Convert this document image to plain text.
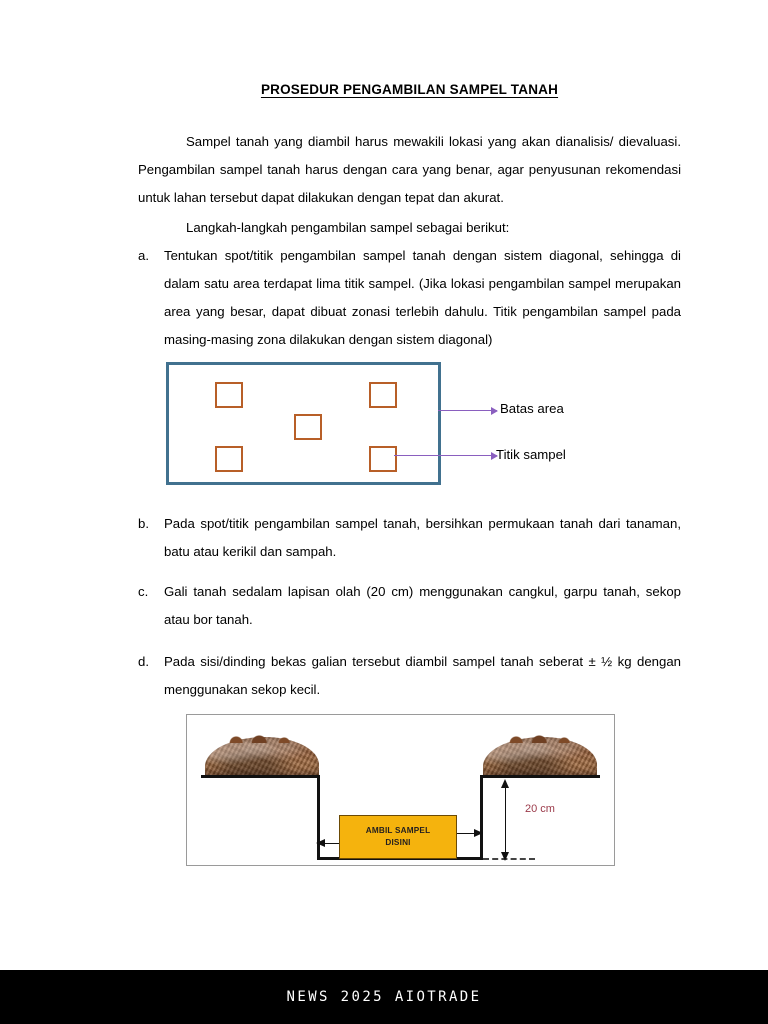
PROSEDUR PENGAMBILAN SAMPEL TANAH
Sampel tanah yang diambil harus mewakili lokasi yang akan dianalisis/ dievaluasi. Pengambilan sampel tanah harus dengan cara yang benar, agar penyusunan rekomendasi untuk lahan tersebut dapat dilakukan dengan tepat dan akurat.
Langkah-langkah pengambilan sampel sebagai berikut:
a.	Tentukan spot/titik pengambilan sampel tanah dengan sistem diagonal, sehingga di dalam satu area terdapat lima titik sampel. (Jika lokasi pengambilan sampel merupakan area yang besar, dapat dibuat zonasi terlebih dahulu. Titik pengambilan sampel pada masing-masing zona dilakukan dengan sistem diagonal)
Batas area
Titik sampel
b.	Pada spot/titik pengambilan sampel tanah, bersihkan permukaan tanah dari tanaman, batu atau kerikil dan sampah.
c.	Gali tanah sedalam lapisan olah (20 cm) menggunakan cangkul, garpu tanah, sekop atau bor tanah.
d.	Pada sisi/dinding bekas galian tersebut diambil sampel tanah seberat ± ½ kg dengan menggunakan sekop kecil.
AMBIL SAMPEL
DISINI
20 cm
NEWS 2025 AIOTRADE
